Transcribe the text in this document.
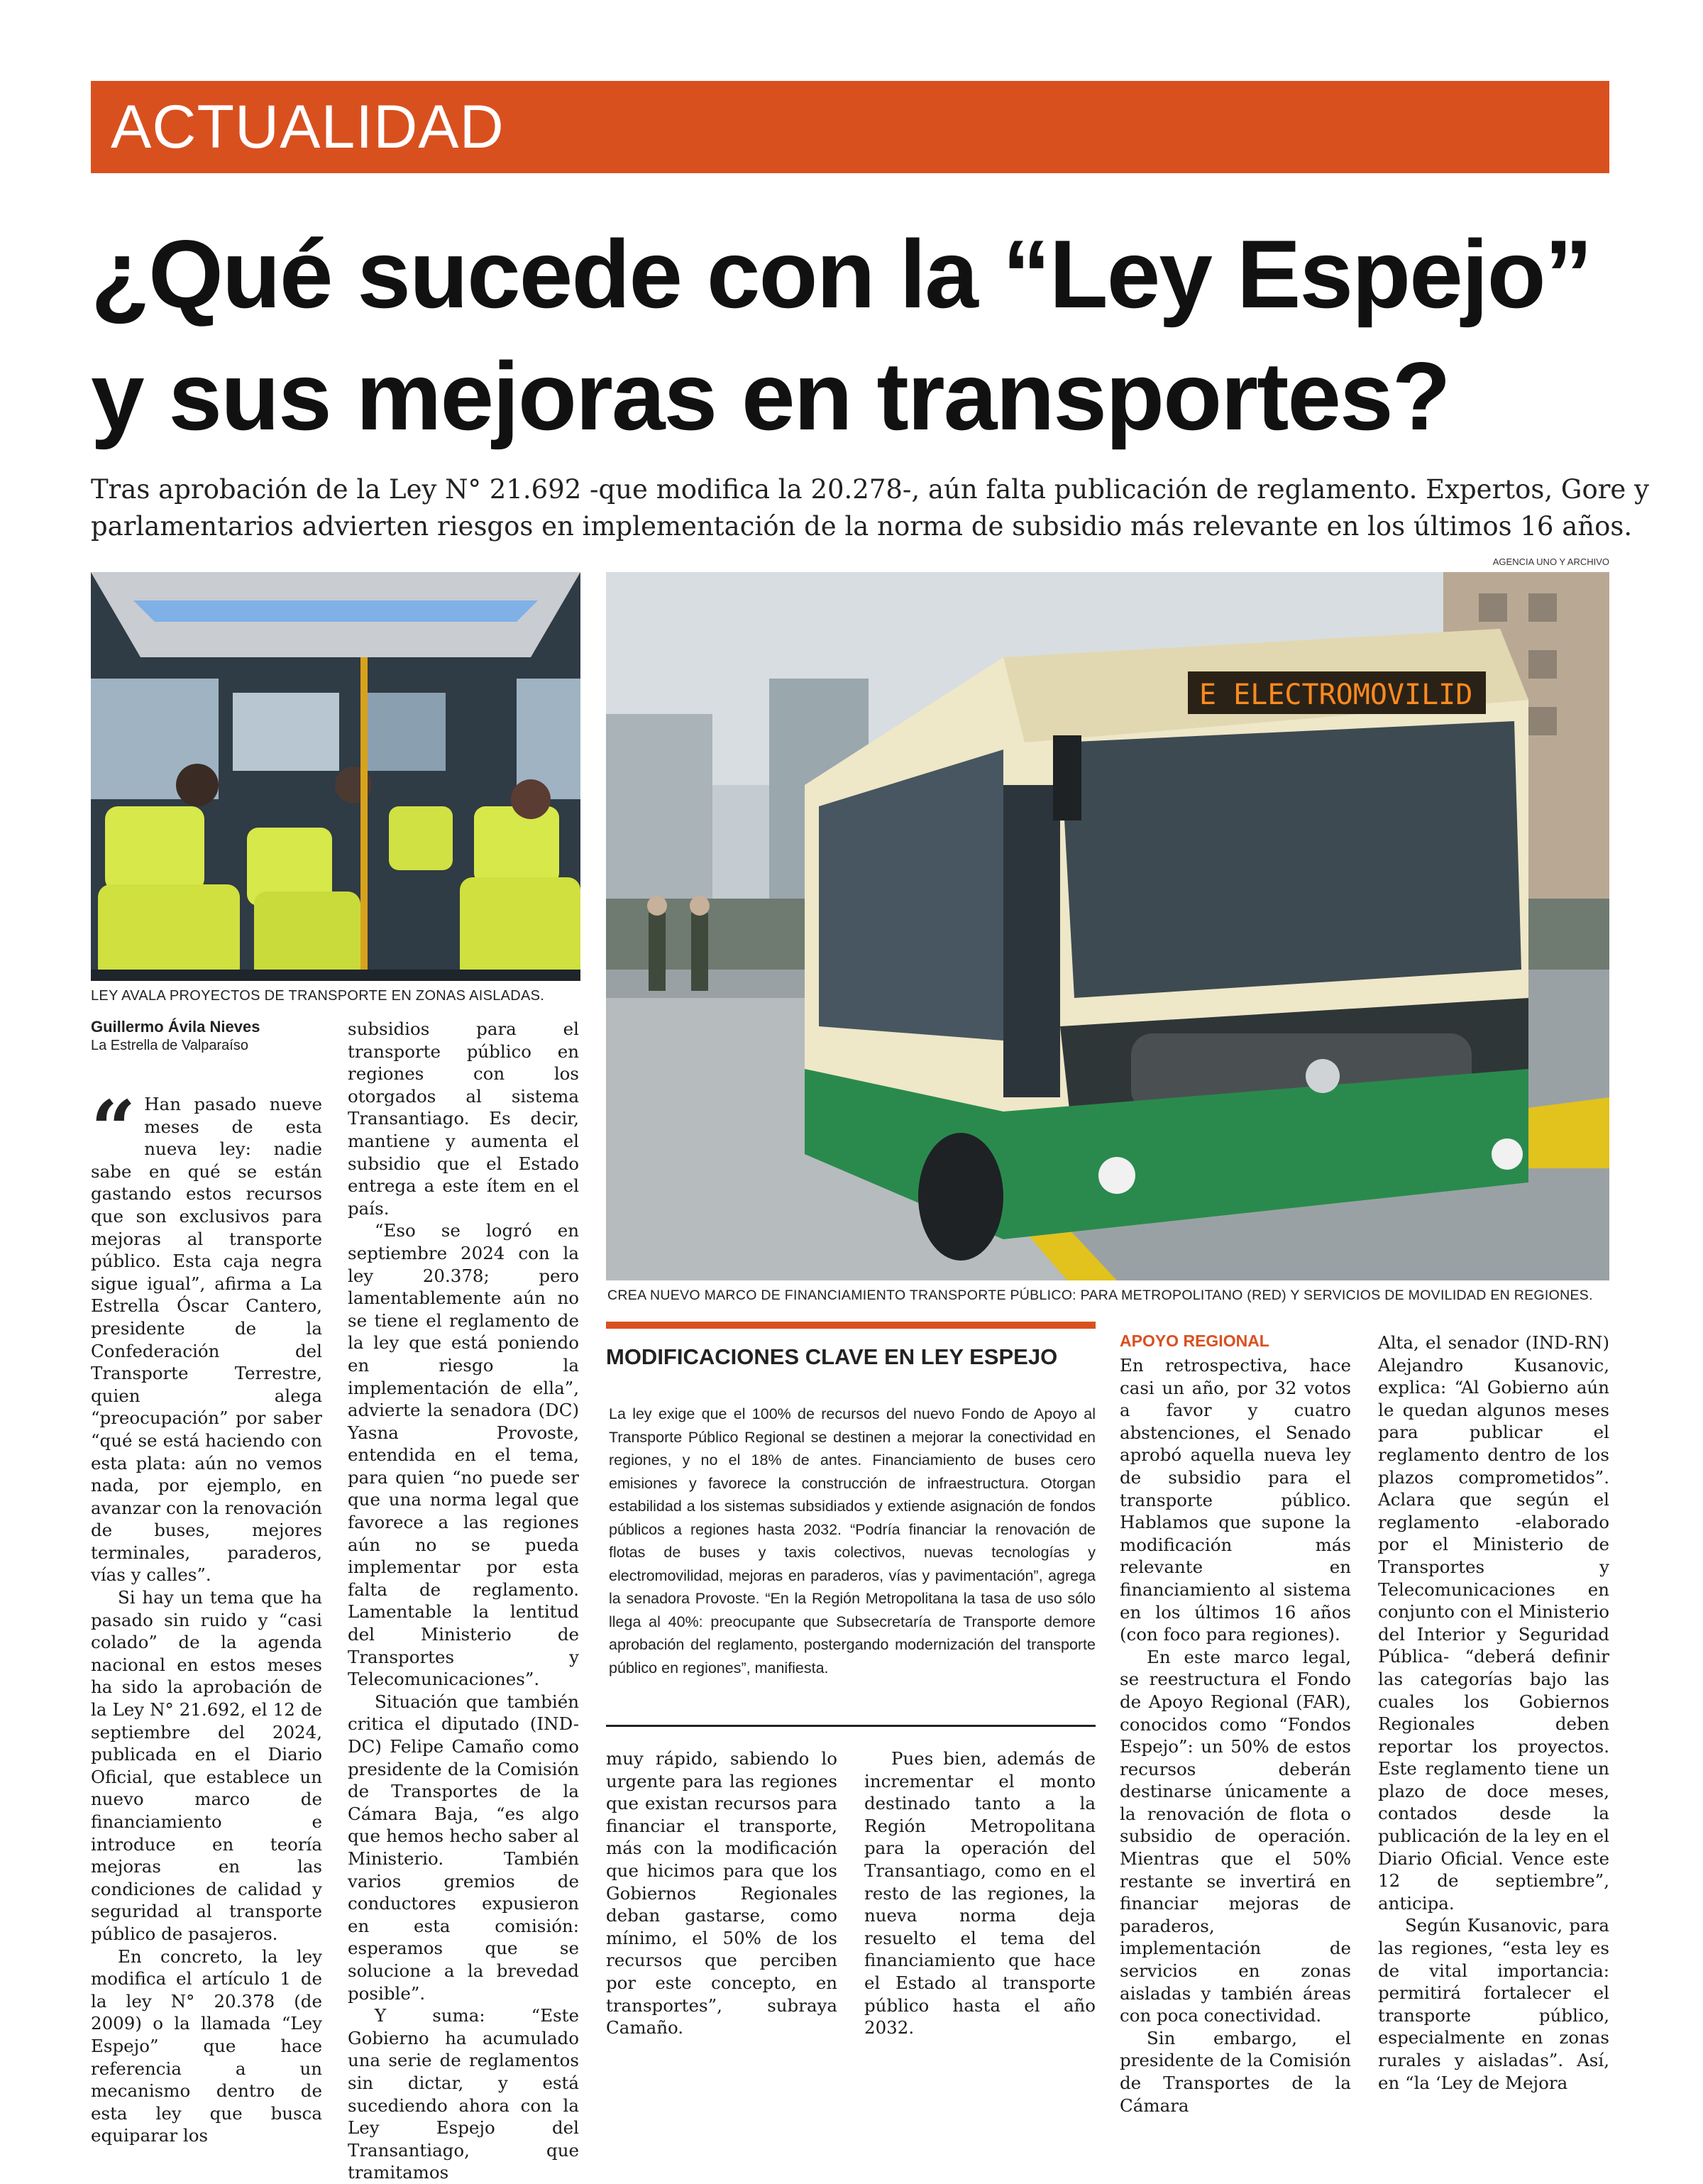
ACTUALIDAD
¿Qué sucede con la “Ley Espejo”
y sus mejoras en transportes?
Tras aprobación de la Ley N° 21.692 -que modifica la 20.278-, aún falta publicación de reglamento. Expertos, Gore y
parlamentarios advierten riesgos en implementación de la norma de subsidio más relevante en los últimos 16 años.
AGENCIA UNO Y ARCHIVO
LEY AVALA PROYECTOS DE TRANSPORTE EN ZONAS AISLADAS.
E ELECTROMOVILID
CREA NUEVO MARCO DE FINANCIAMIENTO TRANSPORTE PÚBLICO: PARA METROPOLITANO (RED) Y SERVICIOS DE MOVILIDAD EN REGIONES.
Guillermo Ávila Nieves
La Estrella de Valparaíso

“ Han pasado nueve meses de esta nueva ley: nadie sabe en qué se están gastando estos recursos que son exclusivos para mejoras al transporte público. Esta caja negra sigue igual”, afirma a La Estrella Óscar Cantero, presidente de la Confederación del Transporte Terrestre, quien alega “preocupación” por saber “qué se está haciendo con esta plata: aún no vemos nada, por ejemplo, en avanzar con la renovación de buses, mejores terminales, paraderos, vías y calles”.

Si hay un tema que ha pasado sin ruido y “casi colado” de la agenda nacional en estos meses ha sido la aprobación de la Ley N° 21.692, el 12 de septiembre del 2024, publicada en el Diario Oficial, que establece un nuevo marco de financiamiento e introduce en teoría mejoras en las condiciones de calidad y seguridad al transporte público de pasajeros.

En concreto, la ley modifica el artículo 1 de la ley N° 20.378 (de 2009) o la llamada “Ley Espejo” que hace referencia a un mecanismo dentro de esta ley que busca equiparar los

subsidios para el transporte público en regiones con los otorgados al sistema Transantiago. Es decir, mantiene y aumenta el subsidio que el Estado entrega a este ítem en el país.

“Eso se logró en septiembre 2024 con la ley 20.378; pero lamentablemente aún no se tiene el reglamento de la ley que está poniendo en riesgo la implementación de ella”, advierte la senadora (DC) Yasna Provoste, entendida en el tema, para quien “no puede ser que una norma legal que favorece a las regiones aún no se pueda implementar por esta falta de reglamento. Lamentable la lentitud del Ministerio de Transportes y Telecomunicaciones”.

Situación que también critica el diputado (IND-DC) Felipe Camaño como presidente de la Comisión de Transportes de la Cámara Baja, “es algo que hemos hecho saber al Ministerio. También varios gremios de conductores expusieron en esta comisión: esperamos que se solucione a la brevedad posible”.

Y suma: “Este Gobierno ha acumulado una serie de reglamentos sin dictar, y está sucediendo ahora con la Ley Espejo del Transantiago, que tramitamos

MODIFICACIONES CLAVE EN LEY ESPEJO
La ley exige que el 100% de recursos del nuevo Fondo de Apoyo al Transporte Público Regional se destinen a mejorar la conectividad en regiones, y no el 18% de antes. Financiamiento de buses cero emisiones y favorece la construcción de infraestructura. Otorgan estabilidad a los sistemas subsidiados y extiende asignación de fondos públicos a regiones hasta 2032. “Podría financiar la renovación de flotas de buses y taxis colectivos, nuevas tecnologías y electromovilidad, mejoras en paraderos, vías y pavimentación”, agrega la senadora Provoste. “En la Región Metropolitana la tasa de uso sólo llega al 40%: preocupante que Subsecretaría de Transporte demore aprobación del reglamento, postergando modernización del transporte público en regiones”, manifiesta.

muy rápido, sabiendo lo urgente para las regiones que existan recursos para financiar el transporte, más con la modificación que hicimos para que los Gobiernos Regionales deban gastarse, como mínimo, el 50% de los recursos que perciben por este concepto, en transportes”, subraya Camaño.

Pues bien, además de incrementar el monto destinado tanto a la Región Metropolitana para la operación del Transantiago, como en el resto de las regiones, la nueva norma deja resuelto el tema del financiamiento que hace el Estado al transporte público hasta el año 2032.

APOYO REGIONAL

En retrospectiva, hace casi un año, por 32 votos a favor y cuatro abstenciones, el Senado aprobó aquella nueva ley de subsidio para el transporte público. Hablamos que supone la modificación más relevante en financiamiento al sistema en los últimos 16 años (con foco para regiones).

En este marco legal, se reestructura el Fondo de Apoyo Regional (FAR), conocidos como “Fondos Espejo”: un 50% de estos recursos deberán destinarse únicamente a la renovación de flota o subsidio de operación. Mientras que el 50% restante se invertirá en financiar mejoras de paraderos, implementación de servicios en zonas aisladas y también áreas con poca conectividad.

Sin embargo, el presidente de la Comisión de Transportes de la Cámara

Alta, el senador (IND-RN) Alejandro Kusanovic, explica: “Al Gobierno aún le quedan algunos meses para publicar el reglamento dentro de los plazos comprometidos”. Aclara que según el reglamento -elaborado por el Ministerio de Transportes y Telecomunicaciones en conjunto con el Ministerio del Interior y Seguridad Pública- “deberá definir las categorías bajo las cuales los Gobiernos Regionales deben reportar los proyectos. Este reglamento tiene un plazo de doce meses, contados desde la publicación de la ley en el Diario Oficial. Vence este 12 de septiembre”, anticipa.

Según Kusanovic, para las regiones, “esta ley es de vital importancia: permitirá fortalecer el transporte público, especialmente en zonas rurales y aisladas”. Así, en “la ‘Ley de Mejora
